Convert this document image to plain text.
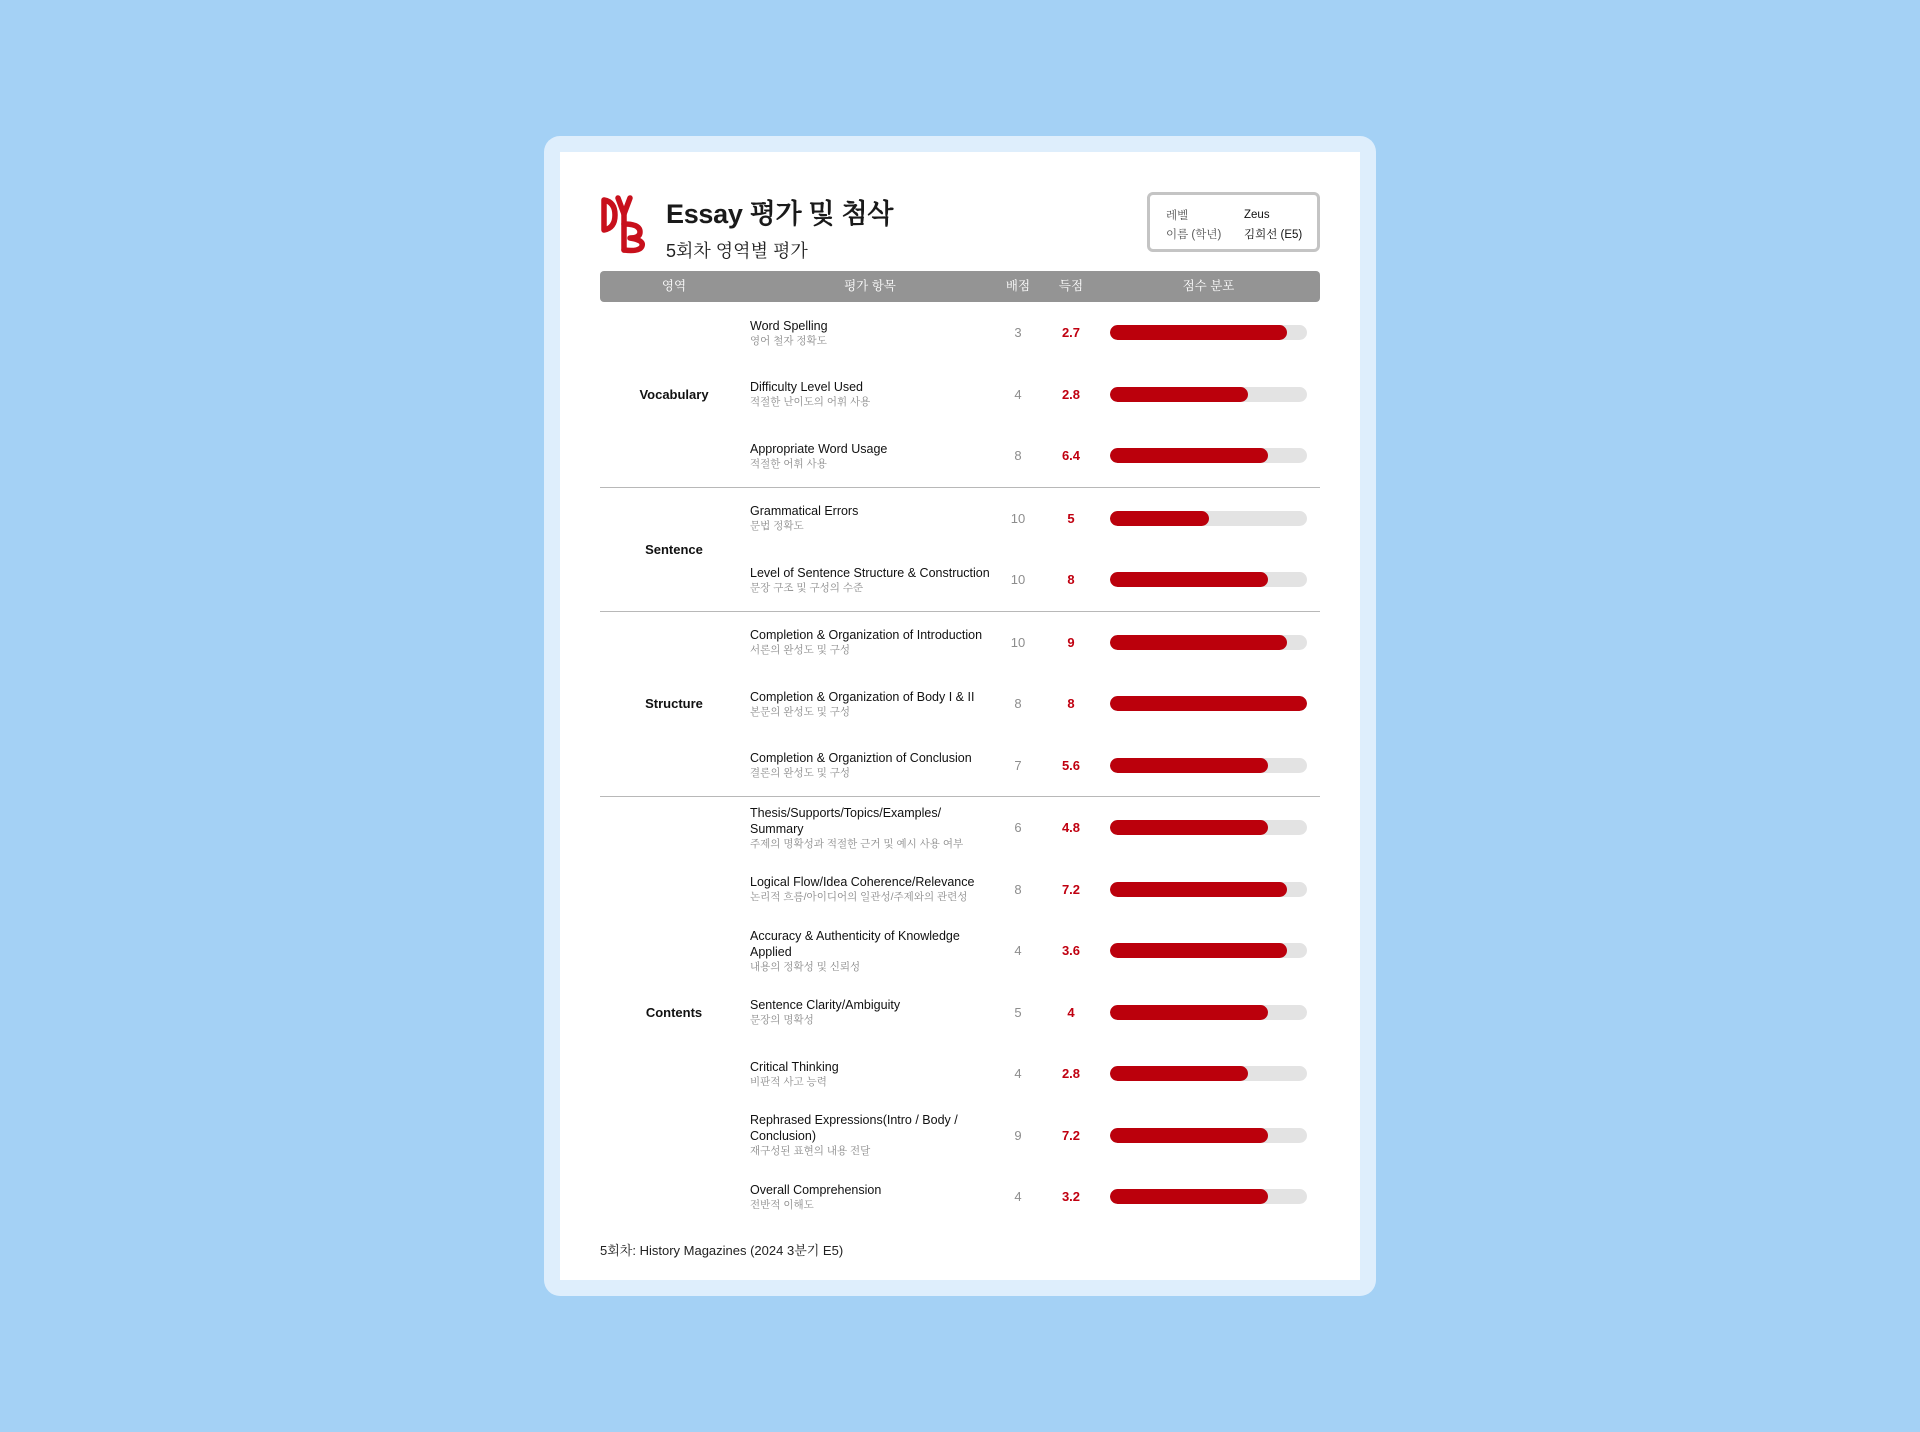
Essay 평가 및 첨삭
5회차 영역별 평가
레벨	Zeus
이름 (학년)	김희선 (E5)
영역	평가 항목	배점	득점	점수 분포
Vocabulary
Word Spelling
영어 철자 정확도
3	2.7
Difficulty Level Used
적절한 난이도의 어휘 사용
4	2.8
Appropriate Word Usage
적절한 어휘 사용
8	6.4
Sentence
Grammatical Errors
문법 정확도
10	5
Level of Sentence Structure & Construction
문장 구조 및 구성의 수준
10	8
Structure
Completion & Organization of Introduction
서론의 완성도 및 구성
10	9
Completion & Organization of Body I & II
본문의 완성도 및 구성
8	8
Completion & Organiztion of Conclusion
결론의 완성도 및 구성
7	5.6
Contents
Thesis/Supports/Topics/Examples/ Summary
주제의 명확성과 적절한 근거 및 예시 사용 여부
6	4.8
Logical Flow/Idea Coherence/Relevance
논리적 흐름/아이디어의 일관성/주제와의 관련성
8	7.2
Accuracy & Authenticity of Knowledge Applied
내용의 정확성 및 신뢰성
4	3.6
Sentence Clarity/Ambiguity
문장의 명확성
5	4
Critical Thinking
비판적 사고 능력
4	2.8
Rephrased Expressions(Intro / Body / Conclusion)
재구성된 표현의 내용 전달
9	7.2
Overall Comprehension
전반적 이해도
4	3.2
5회차: History Magazines (2024 3분기 E5)
